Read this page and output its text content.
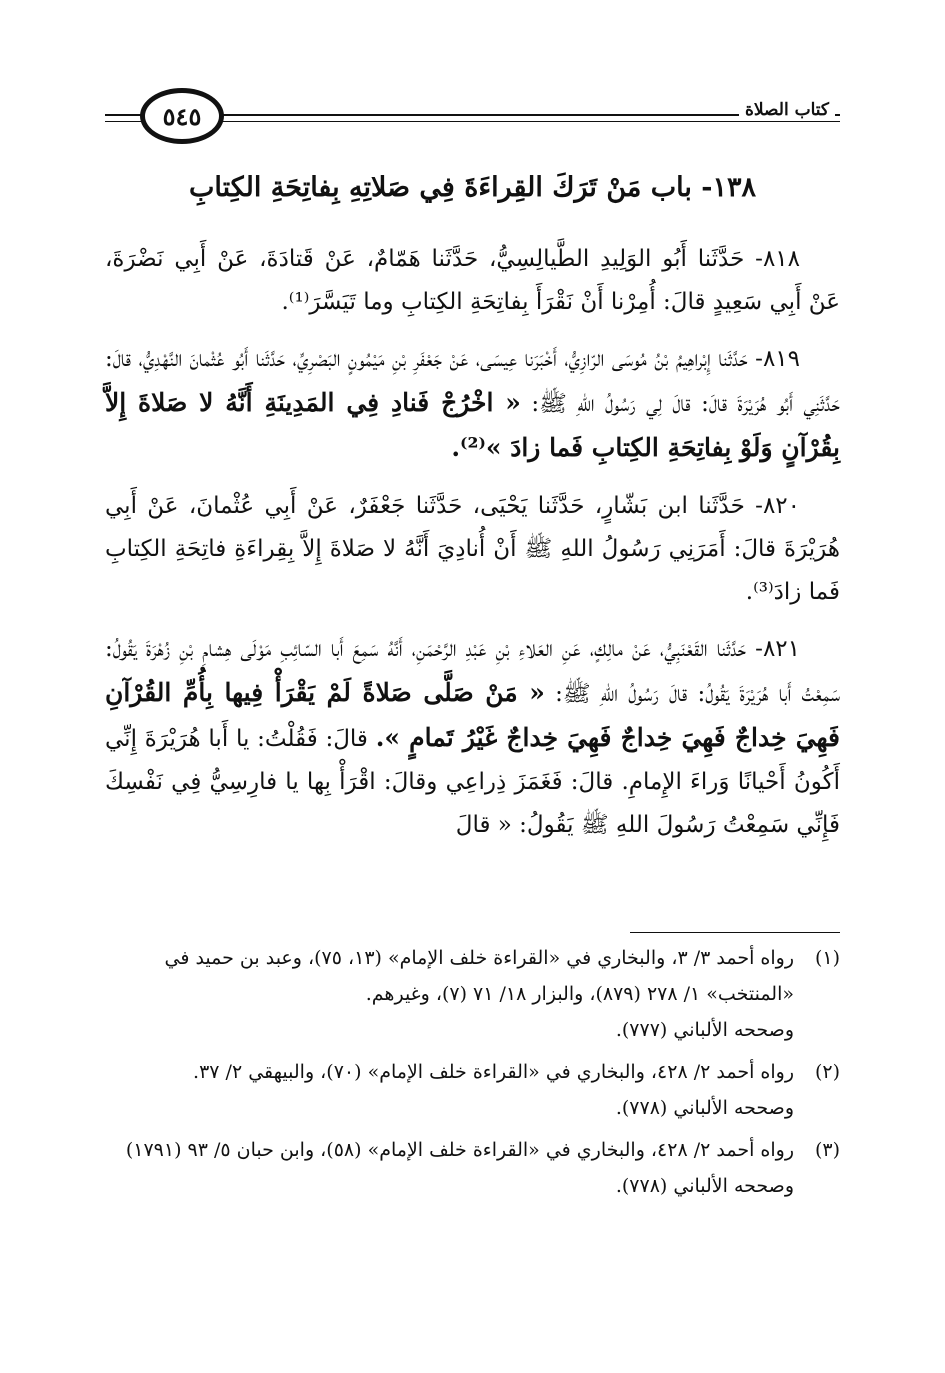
٥٤٥	كتاب الصلاة
١٣٨- باب مَنْ تَرَكَ القِراءَةَ فِي صَلاتِهِ بِفاتِحَةِ الكِتابِ

٨١٨- حَدَّثَنا أَبُو الوَلِيدِ الطَّيالِسِيُّ، حَدَّثَنا هَمّامٌ، عَنْ قَتادَةَ، عَنْ أَبِي نَضْرَةَ، عَنْ أَبِي سَعِيدٍ قالَ: أُمِرْنا أَنْ نَقْرَأَ بِفاتِحَةِ الكِتابِ وما تَيَسَّرَ⁽¹⁾.

٨١٩- حَدَّثَنا إِبْراهِيمُ بْنُ مُوسَى الرّازِيُّ، أَخْبَرَنا عِيسَى، عَنْ جَعْفَرِ بْنِ مَيْمُونٍ البَصْرِيِّ، حَدَّثَنا أَبُو عُثْمانَ النَّهْدِيُّ، قالَ: حَدَّثَنِي أَبُو هُرَيْرَةَ قالَ: قالَ لِي رَسُولُ اللهِ ﷺ: « اخْرُجْ فَنادِ فِي المَدِينَةِ أَنَّهُ لا صَلاةَ إِلاَّ بِقُرْآنٍ وَلَوْ بِفاتِحَةِ الكِتابِ فَما زادَ »⁽²⁾.

٨٢٠- حَدَّثَنا ابن بَشّارٍ، حَدَّثَنا يَحْيَى، حَدَّثَنا جَعْفَرٌ، عَنْ أَبِي عُثْمانَ، عَنْ أَبِي هُرَيْرَةَ قالَ: أَمَرَنِي رَسُولُ اللهِ ﷺ أَنْ أُنادِيَ أَنَّهُ لا صَلاةَ إِلاَّ بِقِراءَةِ فاتِحَةِ الكِتابِ فَما زادَ⁽³⁾.

٨٢١- حَدَّثَنا القَعْنَبِيُّ، عَنْ مالِكٍ، عَنِ العَلاءِ بْنِ عَبْدِ الرَّحْمَنِ، أَنَّهُ سَمِعَ أَبا السّائِبِ مَوْلَى هِشامِ بْنِ زُهْرَةَ يَقُولُ: سَمِعْتُ أَبا هُرَيْرَةَ يَقُولُ: قالَ رَسُولُ اللهِ ﷺ: « مَنْ صَلَّى صَلاةً لَمْ يَقْرَأْ فِيها بِأُمِّ القُرْآنِ فَهِيَ خِداجٌ فَهِيَ خِداجٌ فَهِيَ خِداجٌ غَيْرُ تَمامٍ ». قالَ: فَقُلْتُ: يا أَبا هُرَيْرَةَ إِنِّي أَكُونُ أَحْيانًا وَراءَ الإِمامِ. قالَ: فَغَمَزَ ذِراعِي وقالَ: اقْرَأْ بِها يا فارِسِيُّ فِي نَفْسِكَ فَإِنِّي سَمِعْتُ رَسُولَ اللهِ ﷺ يَقُولُ: « قالَ

(١)
رواه أحمد ٣/ ٣، والبخاري في «القراءة خلف الإمام» (١٣، ٧٥)، وعبد بن حميد في «المنتخب» ١/ ٢٧٨ (٨٧٩)، والبزار ١٨/ ٧١ (٧)، وغيرهم.
وصححه الألباني (٧٧٧).
(٢)
رواه أحمد ٢/ ٤٢٨، والبخاري في «القراءة خلف الإمام» (٧٠)، والبيهقي ٢/ ٣٧.
وصححه الألباني (٧٧٨).
(٣)
رواه أحمد ٢/ ٤٢٨، والبخاري في «القراءة خلف الإمام» (٥٨)، وابن حبان ٥/ ٩٣ (١٧٩١)
وصححه الألباني (٧٧٨).
